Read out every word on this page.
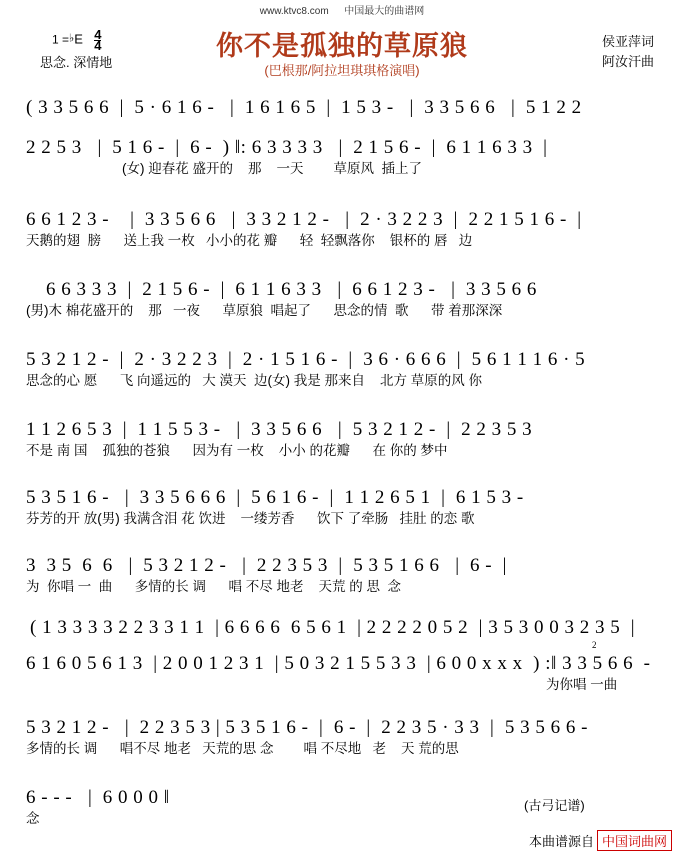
www.ktvc8.com 中国最大的曲谱网
1 =♭E $\frac{4}{4}$
思念. 深情地
你不是孤独的草原狼
(巴根那/阿拉坦琪琪格演唱)
侯亚萍词
阿汝汗曲
( 3 3 5 6 6  |  5 · 6 1 6 -   |  1 6 1 6 5  |  1 5 3 -   |  3 3 5 6 6   |  5 1 2 2
2 2 5 3   |  5 1 6 -  |  6 -  ) ‖: 6 3 3 3 3   |  2 1 5 6 -  |  6 1 1 6 3 3  |
(女) 迎春花 盛开的    那    一天        草原风  插上了
6 6 1 2 3 -    |  3 3 5 6 6   |  3 3 2 1 2 -   |  2 · 3 2 2 3  |  2 2 1 5 1 6 -  |
天鹅的翅  膀      送上我 一枚   小小的花 瓣      轻  轻飘落你    银杯的 唇   边
6 6 3 3 3  |  2 1 5 6 -  |  6 1 1 6 3 3   |  6 6 1 2 3 -   |  3 3 5 6 6
(男)木 棉花盛开的    那   一夜      草原狼  唱起了      思念的情  歌      带 着那深深
5 3 2 1 2 -  |  2 · 3 2 2 3  |  2 · 1 5 1 6 -  |  3 6 · 6 6 6  |  5 6 1 1 1 6 · 5
思念的心 愿      飞 向遥远的   大 漠天  边(女) 我是 那来自    北方 草原的风 你
1 1 2 6 5 3  |  1 1 5 5 3 -   |  3 3 5 6 6   |  5 3 2 1 2 -  |  2 2 3 5 3
不是 南 国    孤独的苍狼      因为有 一枚    小小 的花瓣      在 你的 梦中
5 3 5 1 6 -   |  3 3 5 6 6 6  |  5 6 1 6 -  |  1 1 2 6 5 1  |  6 1 5 3 -
芬芳的开 放(男) 我满含泪 花 饮进    一缕芳香      饮下 了牵肠   挂肚 的恋 歌
3  3 5  6  6   |  5 3 2 1 2 -   |  2 2 3 5 3  |  5 3 5 1 6 6   |  6 -  |
为  你唱 一  曲      多情的长 调      唱 不尽 地老    天荒 的 思  念
( 1 3 3 3 3 2 2 3 3 1 1  | 6 6 6 6  6 5 6 1  | 2 2 2 2 0 5 2  | 3 5 3 0 0 3 2 3 5  |
6 1 6 0 5 6 1 3  | 2 0 0 1 2 3 1  | 5 0 3 2 1 5 5 3 3  | 6 0 0 x x x  ) :‖ 3 3 5 6 6  -
为你唱 一曲
5 3 2 1 2 -   |  2 2 3 5 3 | 5 3 5 1 6 -  |  6 -  |  2 2 3 5 · 3 3  |  5 3 5 6 6 -
多情的长 调      唱不尽 地老   天荒的思 念        唱 不尽地   老    天 荒的思
6 - - -   |  6 0 0 0 ‖
念
2
(古弓记谱)
本曲谱源自 中国词曲网
